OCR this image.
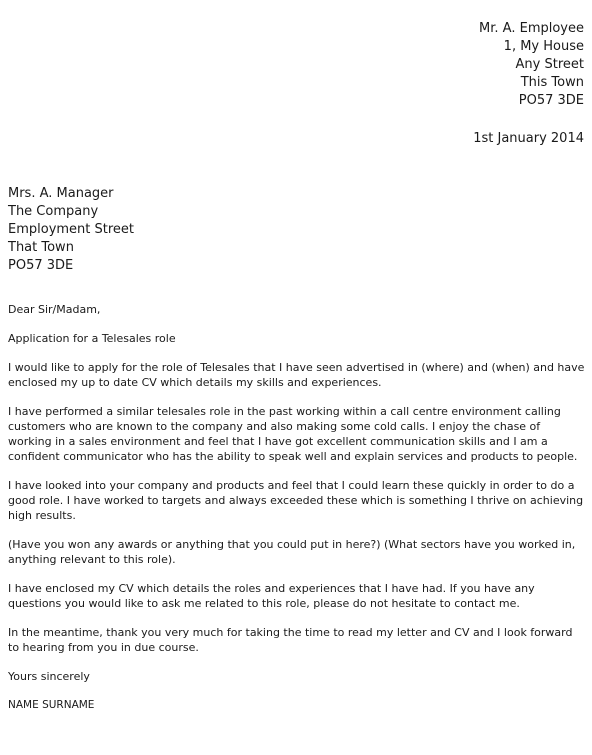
Mr. A. Employee
1, My House
Any Street
This Town
PO57 3DE
1st January 2014
Mrs. A. Manager
The Company
Employment Street
That Town
PO57 3DE

Dear Sir/Madam,

Application for a Telesales role

I would like to apply for the role of Telesales that I have seen advertised in (where) and (when) and have enclosed my up to date CV which details my skills and experiences.

I have performed a similar telesales role in the past working within a call centre environment calling customers who are known to the company and also making some cold calls. I enjoy the chase of working in a sales environment and feel that I have got excellent communication skills and I am a confident communicator who has the ability to speak well and explain services and products to people.

I have looked into your company and products and feel that I could learn these quickly in order to do a good role. I have worked to targets and always exceeded these which is something I thrive on achieving high results.

(Have you won any awards or anything that you could put in here?) (What sectors have you worked in, anything relevant to this role).

I have enclosed my CV which details the roles and experiences that I have had. If you have any questions you would like to ask me related to this role, please do not hesitate to contact me.

In the meantime, thank you very much for taking the time to read my letter and CV and I look forward to hearing from you in due course.

Yours sincerely

NAME SURNAME
